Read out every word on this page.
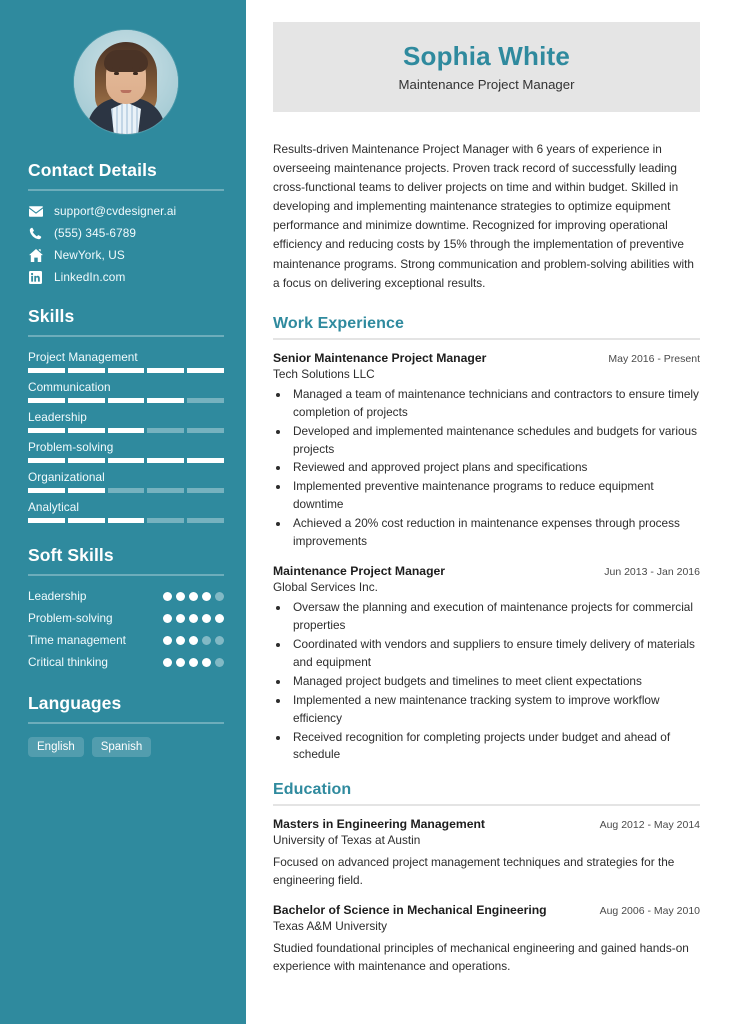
Contact Details
support@cvdesigner.ai
(555) 345-6789
NewYork, US
LinkedIn.com
Skills
Project Management
Communication
Leadership
Problem-solving
Organizational
Analytical
Soft Skills
Leadership
Problem-solving
Time management
Critical thinking
Languages
English	Spanish
Sophia White
Maintenance Project Manager

Results-driven Maintenance Project Manager with 6 years of experience in overseeing maintenance projects. Proven track record of successfully leading cross-functional teams to deliver projects on time and within budget. Skilled in developing and implementing maintenance strategies to optimize equipment performance and minimize downtime. Recognized for improving operational efficiency and reducing costs by 15% through the implementation of preventive maintenance programs. Strong communication and problem-solving abilities with a focus on delivering exceptional results.

Work Experience
Senior Maintenance Project Manager	May 2016 - Present
Tech Solutions LLC
• Managed a team of maintenance technicians and contractors to ensure timely completion of projects
• Developed and implemented maintenance schedules and budgets for various projects
• Reviewed and approved project plans and specifications
• Implemented preventive maintenance programs to reduce equipment downtime
• Achieved a 20% cost reduction in maintenance expenses through process improvements
Maintenance Project Manager	Jun 2013 - Jan 2016
Global Services Inc.
• Oversaw the planning and execution of maintenance projects for commercial properties
• Coordinated with vendors and suppliers to ensure timely delivery of materials and equipment
• Managed project budgets and timelines to meet client expectations
• Implemented a new maintenance tracking system to improve workflow efficiency
• Received recognition for completing projects under budget and ahead of schedule
Education
Masters in Engineering Management	Aug 2012 - May 2014
University of Texas at Austin
Focused on advanced project management techniques and strategies for the engineering field.
Bachelor of Science in Mechanical Engineering	Aug 2006 - May 2010
Texas A&M University
Studied foundational principles of mechanical engineering and gained hands-on experience with maintenance and operations.
